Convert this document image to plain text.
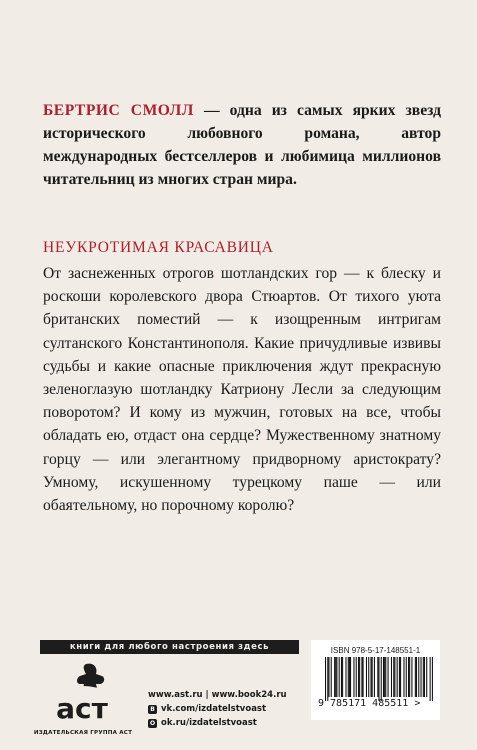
БЕРТРИС СМОЛЛ — одна из самых ярких звезд исторического любовного романа, автор международных бестселлеров и любимица миллионов читательниц из многих стран мира.
НЕУКРОТИМАЯ КРАСАВИЦА
От заснеженных отрогов шотландских гор — к блеску и роскоши королевского двора Стюартов. От тихого уюта британских поместий — к изощренным интригам султанского Константинополя. Какие причудливые извивы судьбы и какие опасные приключения ждут прекрасную зеленоглазую шотландку Катриону Лесли за следующим поворотом? И кому из мужчин, готовых на все, чтобы обладать ею, отдаст она сердце? Мужественному знатному горцу — или элегантному придворному аристократу? Умному, искушенному турецкому паше — или обаятельному, но порочному королю?
книги для любого настроения здесь
аст
ИЗДАТЕЛЬСКАЯ ГРУППА АСТ
www.ast.ru | www.book24.ru
В vk.com/izdatelstvoast
О ok.ru/izdatelstvoast
ISBN 978-5-17-148551-1
9 785171 485511 >
